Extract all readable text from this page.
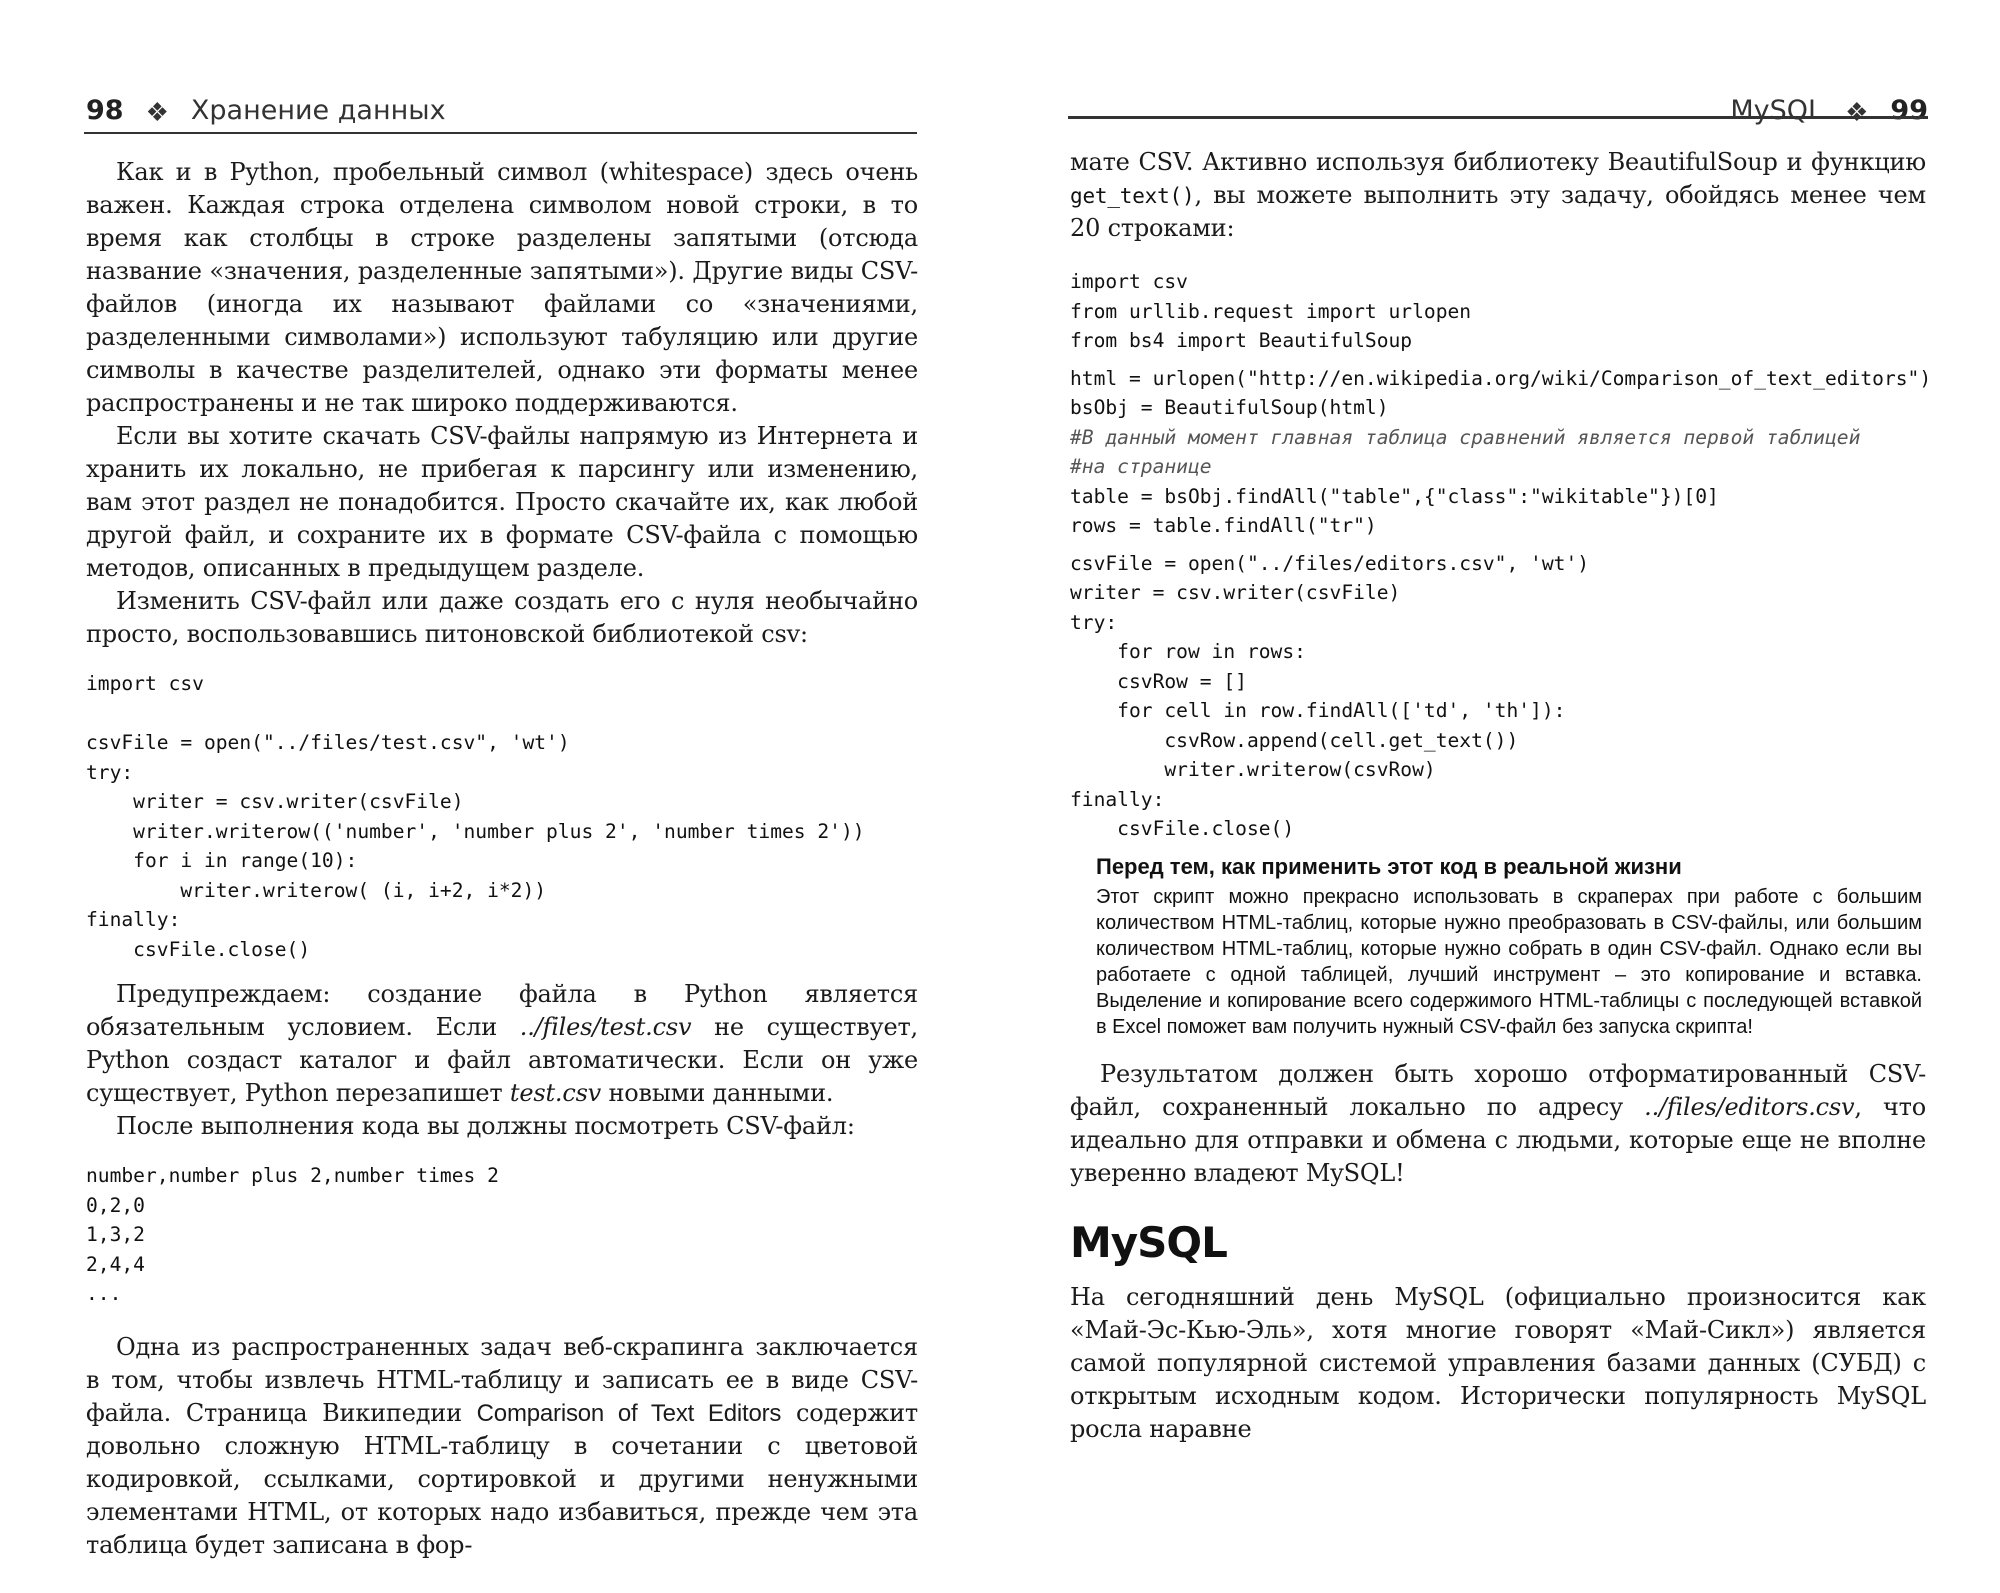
98 ❖ Хранение данных

Как и в Python, пробельный символ (whitespace) здесь очень важен. Каждая строка отделена символом новой строки, в то время как столбцы в строке разделены запятыми (отсюда название «значения, разделенные запятыми»). Другие виды CSV-файлов (иногда их называют файлами со «значениями, разделенными символами») используют табуляцию или другие символы в качестве разделителей, однако эти форматы менее распространены и не так широко поддерживаются.

Если вы хотите скачать CSV-файлы напрямую из Интернета и хранить их локально, не прибегая к парсингу или изменению, вам этот раздел не понадобится. Просто скачайте их, как любой другой файл, и сохраните их в формате CSV-файла с помощью методов, описанных в предыдущем разделе.

Изменить CSV-файл или даже создать его с нуля необычайно просто, воспользовавшись питоновской библиотекой csv:

import csv

csvFile = open("../files/test.csv", 'wt')
try:
writer = csv.writer(csvFile)
writer.writerow(('number', 'number plus 2', 'number times 2'))
for i in range(10):
writer.writerow( (i, i+2, i*2))
finally:
csvFile.close()

Предупреждаем: создание файла в Python является обязательным условием. Если ../files/test.csv не существует, Python создаст каталог и файл автоматически. Если он уже существует, Python перезапишет test.csv новыми данными.

После выполнения кода вы должны посмотреть CSV-файл:

number,number plus 2,number times 2
0,2,0
1,3,2
2,4,4
...

Одна из распространенных задач веб-скрапинга заключается в том, чтобы извлечь HTML-таблицу и записать ее в виде CSV-файла. Страница Википедии Comparison of Text Editors содержит довольно сложную HTML-таблицу в сочетании с цветовой кодировкой, ссылками, сортировкой и другими ненужными элементами HTML, от которых надо избавиться, прежде чем эта таблица будет записана в фор-

MySQL ❖ 99

мате CSV. Активно используя библиотеку BeautifulSoup и функцию get_text(), вы можете выполнить эту задачу, обойдясь менее чем 20 строками:

import csv
from urllib.request import urlopen
from bs4 import BeautifulSoup
html = urlopen("http://en.wikipedia.org/wiki/Comparison_of_text_editors")
bsObj = BeautifulSoup(html)
#В данный момент главная таблица сравнений является первой таблицей
#на странице
table = bsObj.findAll("table",{"class":"wikitable"})[0]
rows = table.findAll("tr")
csvFile = open("../files/editors.csv", 'wt')
writer = csv.writer(csvFile)
try:
for row in rows:
csvRow = []
for cell in row.findAll(['td', 'th']):
csvRow.append(cell.get_text())
writer.writerow(csvRow)
finally:
csvFile.close()
Перед тем, как применить этот код в реальной жизни

Этот скрипт можно прекрасно использовать в скраперах при работе с большим количеством HTML-таблиц, которые нужно преобразовать в CSV-файлы, или большим количеством HTML-таблиц, которые нужно собрать в один CSV-файл. Однако если вы работаете с одной таблицей, лучший инструмент – это копирование и вставка. Выделение и копирование всего содержимого HTML-таблицы с последующей вставкой в Excel поможет вам получить нужный CSV-файл без запуска скрипта!

Результатом должен быть хорошо отформатированный CSV-файл, сохраненный локально по адресу ../files/editors.csv, что идеально для отправки и обмена с людьми, которые еще не вполне уверенно владеют MySQL!

MySQL

На сегодняшний день MySQL (официально произносится как «Май-Эс-Кью-Эль», хотя многие говорят «Май-Сикл») является самой популярной системой управления базами данных (СУБД) с открытым исходным кодом. Исторически популярность MySQL росла наравне
